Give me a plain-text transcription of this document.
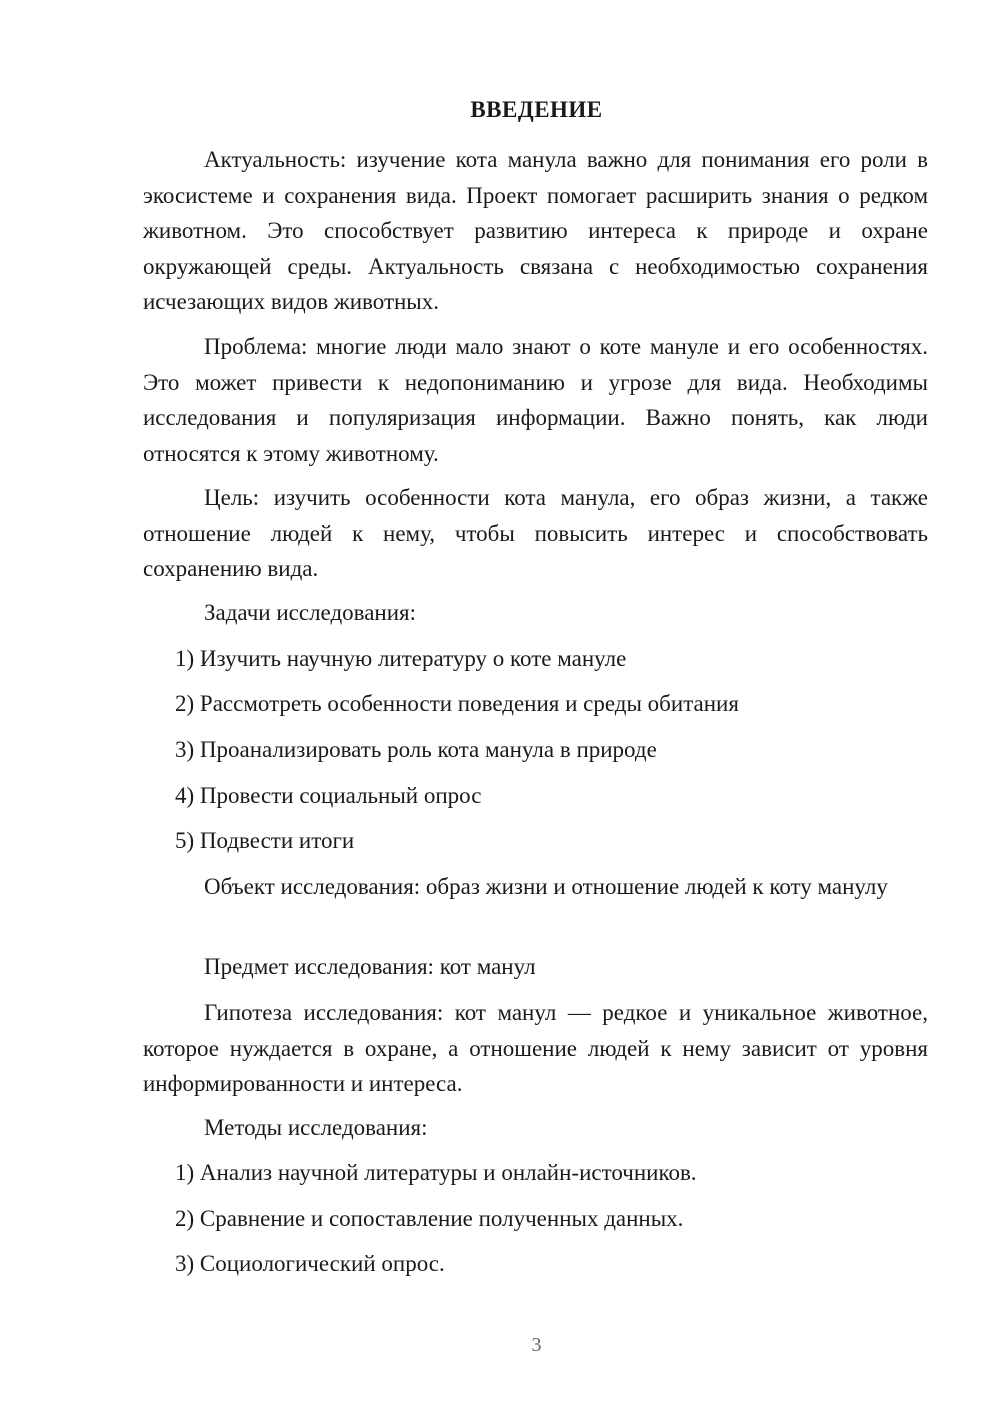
ВВЕДЕНИЕ

Актуальность: изучение кота манула важно для понимания его роли в экосистеме и сохранения вида. Проект помогает расширить знания о редком животном. Это способствует развитию интереса к природе и охране окружающей среды. Актуальность связана с необходимостью сохранения исчезающих видов животных.

Проблема: многие люди мало знают о коте мануле и его особенностях. Это может привести к недопониманию и угрозе для вида. Необходимы исследования и популяризация информации. Важно понять, как люди относятся к этому животному.

Цель: изучить особенности кота манула, его образ жизни, а также отношение людей к нему, чтобы повысить интерес и способствовать сохранению вида.

Задачи исследования:

1) Изучить научную литературу о коте мануле

2) Рассмотреть особенности поведения и среды обитания

3) Проанализировать роль кота манула в природе

4) Провести социальный опрос

5) Подвести итоги

Объект исследования: образ жизни и отношение людей к коту манулу

Предмет исследования: кот манул

Гипотеза исследования: кот манул — редкое и уникальное животное, которое нуждается в охране, а отношение людей к нему зависит от уровня информированности и интереса.

Методы исследования:

1) Анализ научной литературы и онлайн-источников.

2) Сравнение и сопоставление полученных данных.

3) Социологический опрос.

3
